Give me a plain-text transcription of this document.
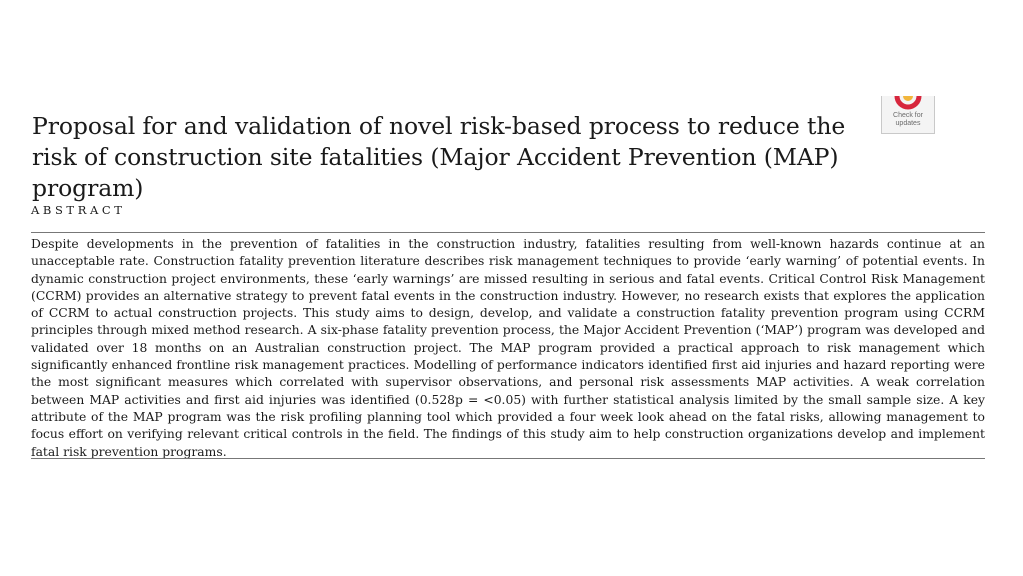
Proposal for and validation of novel risk-based process to reduce the risk of construction site fatalities (Major Accident Prevention (MAP) program)
Check for
updates
ABSTRACT

Despite developments in the prevention of fatalities in the construction industry, fatalities resulting from well-known hazards continue at an unacceptable rate. Construction fatality prevention literature describes risk management techniques to provide ‘early warning’ of potential events. In dynamic construction project environments, these ‘early warnings’ are missed resulting in serious and fatal events. Critical Control Risk Management (CCRM) provides an alternative strategy to prevent fatal events in the construction industry. However, no research exists that explores the application of CCRM to actual construction projects. This study aims to design, develop, and validate a construction fatality prevention program using CCRM principles through mixed method research. A six-phase fatality prevention process, the Major Accident Prevention (‘MAP’) program was developed and validated over 18 months on an Australian construction project. The MAP program provided a practical approach to risk management which significantly enhanced frontline risk management practices. Modelling of performance indicators identified first aid injuries and hazard reporting were the most significant measures which correlated with supervisor observations, and personal risk assessments MAP activities. A weak correlation between MAP activities and first aid injuries was identified (0.528p = <0.05) with further statistical analysis limited by the small sample size. A key attribute of the MAP program was the risk profiling planning tool which provided a four week look ahead on the fatal risks, allowing management to focus effort on verifying relevant critical controls in the field. The findings of this study aim to help construction organizations develop and implement fatal risk prevention programs.
